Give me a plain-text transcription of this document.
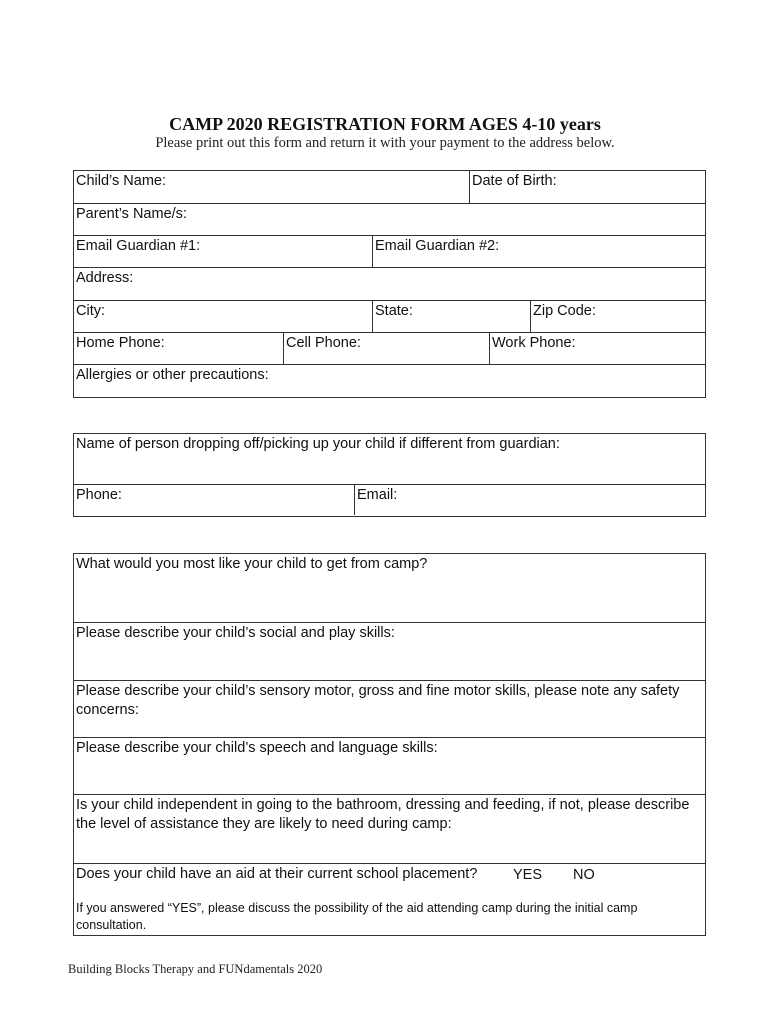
CAMP 2020 REGISTRATION FORM AGES 4-10 years
Please print out this form and return it with your payment to the address below.
Child’s Name:	Date of Birth:
Parent’s Name/s:
Email Guardian #1:	Email Guardian #2:
Address:
City:	State:	Zip Code:
Home Phone:	Cell Phone:	Work Phone:
Allergies or other precautions:
Name of person dropping off/picking up your child if different from guardian:
Phone:	Email:
What would you most like your child to get from camp?
Please describe your child’s social and play skills:
Please describe your child’s sensory motor, gross and fine motor skills, please note any safety concerns:
Please describe your child’s speech and language skills:
Is your child independent in going to the bathroom, dressing and feeding, if not, please describe the level of assistance they are likely to need during camp:
Does your child have an aid at their current school placement? YES NO
If you answered “YES”, please discuss the possibility of the aid attending camp during the initial camp consultation.
Building Blocks Therapy and FUNdamentals 2020
